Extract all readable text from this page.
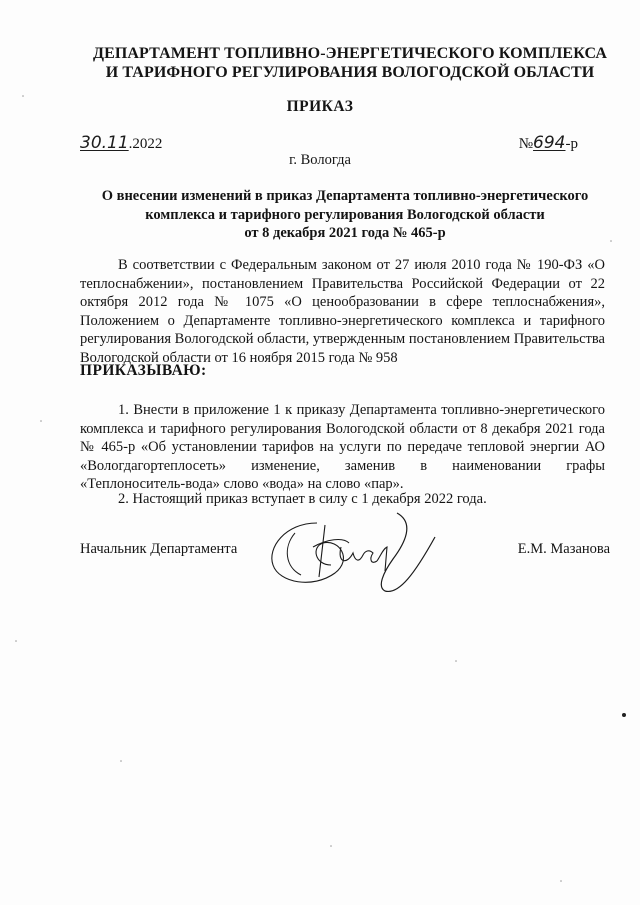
ДЕПАРТАМЕНТ ТОПЛИВНО-ЭНЕРГЕТИЧЕСКОГО КОМПЛЕКСА
И ТАРИФНОГО РЕГУЛИРОВАНИЯ ВОЛОГОДСКОЙ ОБЛАСТИ
ПРИКАЗ
30.11.2022	№694-р
г. Вологда
О внесении изменений в приказ Департамента топливно-энергетического
комплекса и тарифного регулирования Вологодской области
от 8 декабря 2021 года № 465-р
В соответствии с Федеральным законом от 27 июля 2010 года № 190-ФЗ «О теплоснабжении», постановлением Правительства Российской Федерации от 22 октября 2012 года № 1075 «О ценообразовании в сфере теплоснабжения», Положением о Департаменте топливно-энергетического комплекса и тарифного регулирования Вологодской области, утвержденным постановлением Правительства Вологодской области от 16 ноября 2015 года № 958
ПРИКАЗЫВАЮ:
1. Внести в приложение 1 к приказу Департамента топливно-энергетического комплекса и тарифного регулирования Вологодской области от 8 декабря 2021 года № 465-р «Об установлении тарифов на услуги по передаче тепловой энергии АО «Вологдагортеплосеть» изменение, заменив в наименовании графы «Теплоноситель-вода» слово «вода» на слово «пар».
2. Настоящий приказ вступает в силу с 1 декабря 2022 года.
Начальник Департамента	Е.М. Мазанова
